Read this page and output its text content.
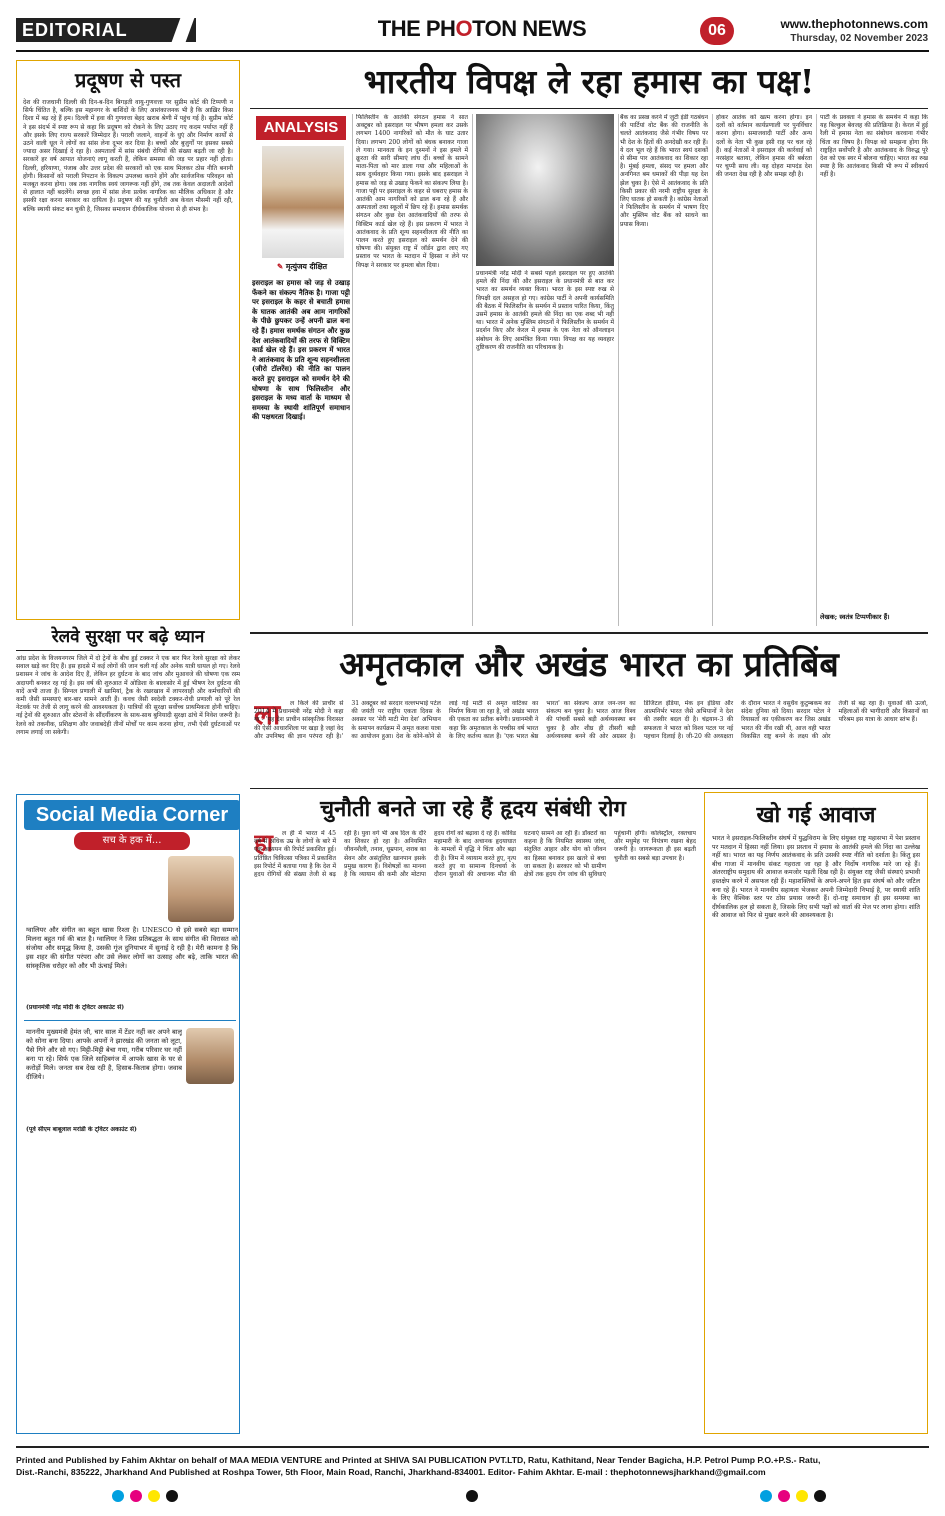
EDITORIAL	THE PHOTON NEWS	06	www.thephotonnews.com
Thursday, 02 November 2023
प्रदूषण से पस्त
देश की राजधानी दिल्ली की दिन-ब-दिन बिगड़ती वायु-गुणवत्ता पर सुप्रीम कोर्ट की टिप्पणी न सिर्फ चिंतित है, बल्कि इस महानगर के बाशिंदों के लिए आशंकाजनक भी है कि आख़िर किस दिशा में बढ़ रहे हैं हम। दिल्ली में हवा की गुणवत्ता बेहद खराब श्रेणी में पहुंच गई है। सुप्रीम कोर्ट ने इस संदर्भ में स्पष्ट रूप से कहा कि प्रदूषण को रोकने के लिए उठाए गए कदम पर्याप्त नहीं हैं और इसके लिए राज्य सरकारें जिम्मेदार हैं। पराली जलाने, वाहनों के धुएं और निर्माण कार्यों से उठने वाली धूल ने लोगों का सांस लेना दूभर कर दिया है। बच्चों और बुजुर्गों पर इसका सबसे ज्यादा असर दिखाई दे रहा है। अस्पतालों में सांस संबंधी रोगियों की संख्या बढ़ती जा रही है। सरकारें हर वर्ष आपात योजनाएं लागू करती हैं, लेकिन समस्या की जड़ पर प्रहार नहीं होता। दिल्ली, हरियाणा, पंजाब और उत्तर प्रदेश की सरकारों को एक साथ मिलकर ठोस नीति बनानी होगी। किसानों को पराली निपटान के विकल्प उपलब्ध कराने होंगे और सार्वजनिक परिवहन को मजबूत करना होगा। जब तक नागरिक स्वयं जागरूक नहीं होंगे, तब तक केवल अदालती आदेशों से हालात नहीं बदलेंगे। स्वच्छ हवा में सांस लेना प्रत्येक नागरिक का मौलिक अधिकार है और इसकी रक्षा करना सरकार का दायित्व है। प्रदूषण की यह चुनौती अब केवल मौसमी नहीं रही, बल्कि स्थायी संकट बन चुकी है, जिसका समाधान दीर्घकालिक योजना से ही संभव है।
रेलवे सुरक्षा पर बढ़े ध्यान
आंध्र प्रदेश के विजयनगरम जिले में दो ट्रेनों के बीच हुई टक्कर ने एक बार फिर रेलवे सुरक्षा को लेकर सवाल खड़े कर दिए हैं। इस हादसे में कई लोगों की जान चली गई और अनेक यात्री घायल हो गए। रेलवे प्रशासन ने जांच के आदेश दिए हैं, लेकिन हर दुर्घटना के बाद जांच और मुआवजे की घोषणा एक रस्म अदायगी बनकर रह गई है। इस वर्ष की शुरुआत में ओडिशा के बालासोर में हुई भीषण रेल दुर्घटना की यादें अभी ताजा हैं। सिग्नल प्रणाली में खामियां, ट्रैक के रखरखाव में लापरवाही और कर्मचारियों की कमी जैसी समस्याएं बार-बार सामने आती हैं। कवच जैसी स्वदेशी टक्कर-रोधी प्रणाली को पूरे रेल नेटवर्क पर तेजी से लागू करने की आवश्यकता है। यात्रियों की सुरक्षा सर्वोच्च प्राथमिकता होनी चाहिए। नई ट्रेनों की शुरुआत और स्टेशनों के सौंदर्यीकरण के साथ-साथ बुनियादी सुरक्षा ढांचे में निवेश जरूरी है। रेलवे को तकनीक, प्रशिक्षण और जवाबदेही तीनों मोर्चों पर काम करना होगा, तभी ऐसी दुर्घटनाओं पर लगाम लगाई जा सकेगी।
Social Media Corner
सच के हक में...
ग्वालियर और संगीत का बहुत खास रिश्ता है। UNESCO से इसे सबसे बड़ा सम्मान मिलना बहुत गर्व की बात है। ग्वालियर ने जिस प्रतिबद्धता के साथ संगीत की विरासत को संजोया और समृद्ध किया है, उसकी गूंज दुनियाभर में सुनाई दे रही है। मेरी कामना है कि इस शहर की संगीत परंपरा और उसे लेकर लोगों का उत्साह और बढ़े, ताकि भारत की सांस्कृतिक धरोहर को और भी ऊंचाई मिले।
(प्रधानमंत्री नरेंद्र मोदी के ट्विटर अकाउंट से)
माननीय मुख्यमंत्री हेमंत जी, चार साल में टेंडर नहीं कर अपने बालू को सोना बना दिया। आपके अपनों ने झारखंड की जनता को लूटा, पैसे गिने और सो गए। मिट्टी-मिट्टी बेचा गया, गरीब परिवार घर नहीं बना पा रहे। सिर्फ एक जिले साहिबगंज में आपके खास के घर से करोड़ों मिले। जनता सब देख रही है, हिसाब-किताब होगा। जवाब दीजिये।
(पूर्व सीएम बाबूलाल मरांडी के ट्विटर अकाउंट से)
भारतीय विपक्ष ले रहा हमास का पक्ष!
ANALYSIS
✎ मृत्युंजय दीक्षित
इसराइल का हमास को जड़ से उखाड़ फेंकने का संकल्प नैतिक है। गाजा पट्टी पर इसराइल के कहर से बचाती हमास के घातक आतंकी अब आम नागरिकों के पीछे छुपकर उन्हें अपनी ढाल बना रहे हैं। हमास समर्थक संगठन और कुछ देश आतंकवादियों की तरफ से विक्टिम कार्ड खेल रहे हैं। इस प्रकरण में भारत ने आतंकवाद के प्रति शून्य सहनशीलता (जीरो टॉलरेंस) की नीति का पालन करते हुए इसराइल को समर्थन देने की घोषणा के साथ फिलिस्तीन और इसराइल के मध्य वार्ता के माध्यम से समस्या के स्थायी शांतिपूर्ण समाधान की पक्षधरता दिखाई।
फिलिस्तीन के आतंकी संगठन हमास ने सात अक्टूबर को इसराइल पर भीषण हमला कर उसके लगभग 1400 नागरिकों को मौत के घाट उतार दिया। लगभग 200 लोगों को बंधक बनाकर गाजा ले गया। मानवता के इन दुश्मनों ने इस हमले में क्रूरता की सारी सीमाएं लांघ दीं। बच्चों के सामने माता-पिता को मार डाला गया और महिलाओं के साथ दुर्व्यवहार किया गया। इसके बाद इसराइल ने हमास को जड़ से उखाड़ फेंकने का संकल्प लिया है। गाजा पट्टी पर इसराइल के कहर से घबराए हमास के आतंकी आम नागरिकों को ढाल बना रहे हैं और अस्पतालों तथा स्कूलों में छिप रहे हैं। हमास समर्थक संगठन और कुछ देश आतंकवादियों की तरफ से विक्टिम कार्ड खेल रहे हैं। इस प्रकरण में भारत ने आतंकवाद के प्रति शून्य सहनशीलता की नीति का पालन करते हुए इसराइल को समर्थन देने की घोषणा की। संयुक्त राष्ट्र में जॉर्डन द्वारा लाए गए प्रस्ताव पर भारत के मतदान में हिस्सा न लेने पर विपक्ष ने सरकार पर हमला बोल दिया।
प्रधानमंत्री नरेंद्र मोदी ने सबसे पहले इसराइल पर हुए आतंकी हमले की निंदा की और इसराइल के प्रधानमंत्री से बात कर भारत का समर्थन व्यक्त किया। भारत के इस स्पष्ट रुख से विपक्षी दल असहज हो गए। कांग्रेस पार्टी ने अपनी कार्यसमिति की बैठक में फिलिस्तीन के समर्थन में प्रस्ताव पारित किया, किंतु उसमें हमास के आतंकी हमले की निंदा का एक शब्द भी नहीं था। भारत में अनेक मुस्लिम संगठनों ने फिलिस्तीन के समर्थन में प्रदर्शन किए और केरल में हमास के एक नेता को ऑनलाइन संबोधन के लिए आमंत्रित किया गया। विपक्ष का यह व्यवहार तुष्टिकरण की राजनीति का परिचायक है।
बैंक का प्रसन्न करने में जुटी इंडी गठबंधन की पार्टियां वोट बैंक की राजनीति के चलते आतंकवाद जैसे गंभीर विषय पर भी देश के हितों की अनदेखी कर रही हैं। ये दल भूल रहे हैं कि भारत स्वयं दशकों से सीमा पार आतंकवाद का शिकार रहा है। मुंबई हमला, संसद पर हमला और अनगिनत बम धमाकों की पीड़ा यह देश झेल चुका है। ऐसे में आतंकवाद के प्रति किसी प्रकार की नरमी राष्ट्रीय सुरक्षा के लिए घातक हो सकती है। कांग्रेस नेताओं ने फिलिस्तीन के समर्थन में भाषण दिए और मुस्लिम वोट बैंक को साधने का प्रयास किया।
होकर आतंक को खत्म करना होगा। इन दलों को वर्तमान कार्यप्रणाली पर पुनर्विचार करना होगा। समाजवादी पार्टी और अन्य दलों के नेता भी कुछ इसी राह पर चल रहे हैं। कई नेताओं ने इसराइल की कार्रवाई को नरसंहार बताया, लेकिन हमास की बर्बरता पर चुप्पी साध ली। यह दोहरा मापदंड देश की जनता देख रही है और समझ रही है।
पार्टी के प्रवक्ता ने हमास के समर्थन में कहा कि यह बिल्कुल बेवजह की प्रतिक्रिया है। केरल में हुई रैली में हमास नेता का संबोधन करवाना गंभीर चिंता का विषय है। विपक्ष को समझना होगा कि राष्ट्रहित सर्वोपरि है और आतंकवाद के विरुद्ध पूरे देश को एक स्वर में बोलना चाहिए। भारत का रुख स्पष्ट है कि आतंकवाद किसी भी रूप में स्वीकार्य नहीं है।
लेखक; स्वतंत्र टिप्पणीकार हैं।
अमृतकाल और अखंड भारत का प्रतिबिंब
ला	ल किले की प्राचीर से 2014 में प्रधानमंत्री नरेंद्र मोदी ने कहा था - 'यह देश प्राचीन सांस्कृतिक विरासत की ऐसी आधारशिला पर खड़ा है जहां वेद और उपनिषद की ज्ञान परंपरा रही है।' 31 अक्टूबर को सरदार वल्लभभाई पटेल की जयंती पर राष्ट्रीय एकता दिवस के अवसर पर 'मेरी माटी मेरा देश' अभियान के समापन कार्यक्रम में अमृत कलश यात्रा का आयोजन हुआ। देश के कोने-कोने से लाई गई माटी से अमृत वाटिका का निर्माण किया जा रहा है, जो अखंड भारत की एकता का प्रतीक बनेगी। प्रधानमंत्री ने कहा कि अमृतकाल के पच्चीस वर्ष भारत के लिए कर्तव्य काल हैं। 'एक भारत श्रेष्ठ भारत' का संकल्प आज जन-जन का संकल्प बन चुका है। भारत आज विश्व की पांचवीं सबसे बड़ी अर्थव्यवस्था बन चुका है और शीघ्र ही तीसरी बड़ी अर्थव्यवस्था बनने की ओर अग्रसर है। डिजिटल इंडिया, मेक इन इंडिया और आत्मनिर्भर भारत जैसे अभियानों ने देश की तस्वीर बदल दी है। चंद्रयान-3 की सफलता ने भारत को विश्व पटल पर नई पहचान दिलाई है। जी-20 की अध्यक्षता के दौरान भारत ने वसुधैव कुटुम्बकम का संदेश दुनिया को दिया। सरदार पटेल ने रियासतों का एकीकरण कर जिस अखंड भारत की नींव रखी थी, आज वही भारत विकसित राष्ट्र बनने के लक्ष्य की ओर तेजी से बढ़ रहा है। युवाओं की ऊर्जा, महिलाओं की भागीदारी और किसानों का परिश्रम इस यात्रा के आधार स्तंभ हैं।
चुनौती बनते जा रहे हैं हृदय संबंधी रोग
हा	ल ही में भारत में 45 वर्ष से अधिक उम्र के लोगों के बारे में एक अध्ययन की रिपोर्ट प्रकाशित हुई। प्रतिष्ठित चिकित्सा पत्रिका में प्रकाशित इस रिपोर्ट में बताया गया है कि देश में हृदय रोगियों की संख्या तेजी से बढ़ रही है। युवा वर्ग भी अब दिल के दौरे का शिकार हो रहा है। अनियमित जीवनशैली, तनाव, धूम्रपान, शराब का सेवन और असंतुलित खानपान इसके प्रमुख कारण हैं। विशेषज्ञों का मानना है कि व्यायाम की कमी और मोटापा हृदय रोगों को बढ़ावा दे रहे हैं। कोविड महामारी के बाद अचानक हृदयाघात के मामलों में वृद्धि ने चिंता और बढ़ा दी है। जिम में व्यायाम करते हुए, नृत्य करते हुए या सामान्य दिनचर्या के दौरान युवाओं की अचानक मौत की घटनाएं सामने आ रही हैं। डॉक्टरों का कहना है कि नियमित स्वास्थ्य जांच, संतुलित आहार और योग को जीवन का हिस्सा बनाकर इस खतरे से बचा जा सकता है। सरकार को भी ग्रामीण क्षेत्रों तक हृदय रोग जांच की सुविधाएं पहुंचानी होंगी। कोलेस्ट्रॉल, रक्तचाप और मधुमेह पर नियंत्रण रखना बेहद जरूरी है। जागरूकता ही इस बढ़ती चुनौती का सबसे बड़ा उपचार है।
खो गई आवाज
भारत ने इसराइल-फिलिस्तीन संघर्ष में युद्धविराम के लिए संयुक्त राष्ट्र महासभा में पेश प्रस्ताव पर मतदान में हिस्सा नहीं लिया। इस प्रस्ताव में हमास के आतंकी हमले की निंदा का उल्लेख नहीं था। भारत का यह निर्णय आतंकवाद के प्रति उसकी स्पष्ट नीति को दर्शाता है। किंतु इस बीच गाजा में मानवीय संकट गहराता जा रहा है और निर्दोष नागरिक मारे जा रहे हैं। अंतरराष्ट्रीय समुदाय की आवाज कमजोर पड़ती दिख रही है। संयुक्त राष्ट्र जैसी संस्थाएं प्रभावी हस्तक्षेप करने में असफल रही हैं। महाशक्तियों के अपने-अपने हित इस संघर्ष को और जटिल बना रहे हैं। भारत ने मानवीय सहायता भेजकर अपनी जिम्मेदारी निभाई है, पर स्थायी शांति के लिए वैश्विक स्तर पर ठोस प्रयास जरूरी हैं। दो-राष्ट्र समाधान ही इस समस्या का दीर्घकालिक हल हो सकता है, जिसके लिए सभी पक्षों को वार्ता की मेज पर लाना होगा। शांति की आवाज को फिर से मुखर करने की आवश्यकता है।
Printed and Published by Fahim Akhtar on behalf of MAA MEDIA VENTURE and Printed at SHIVA SAI PUBLICATION PVT.LTD, Ratu, Kathitand, Near Tender Bagicha, H.P. Petrol Pump P.O.+P.S.- Ratu,
Dist.-Ranchi, 835222, Jharkhand And Published at Roshpa Tower, 5th Floor, Main Road, Ranchi, Jharkhand-834001. Editor- Fahim Akhtar. E-mail : thephotonnewsjharkhand@gmail.com
